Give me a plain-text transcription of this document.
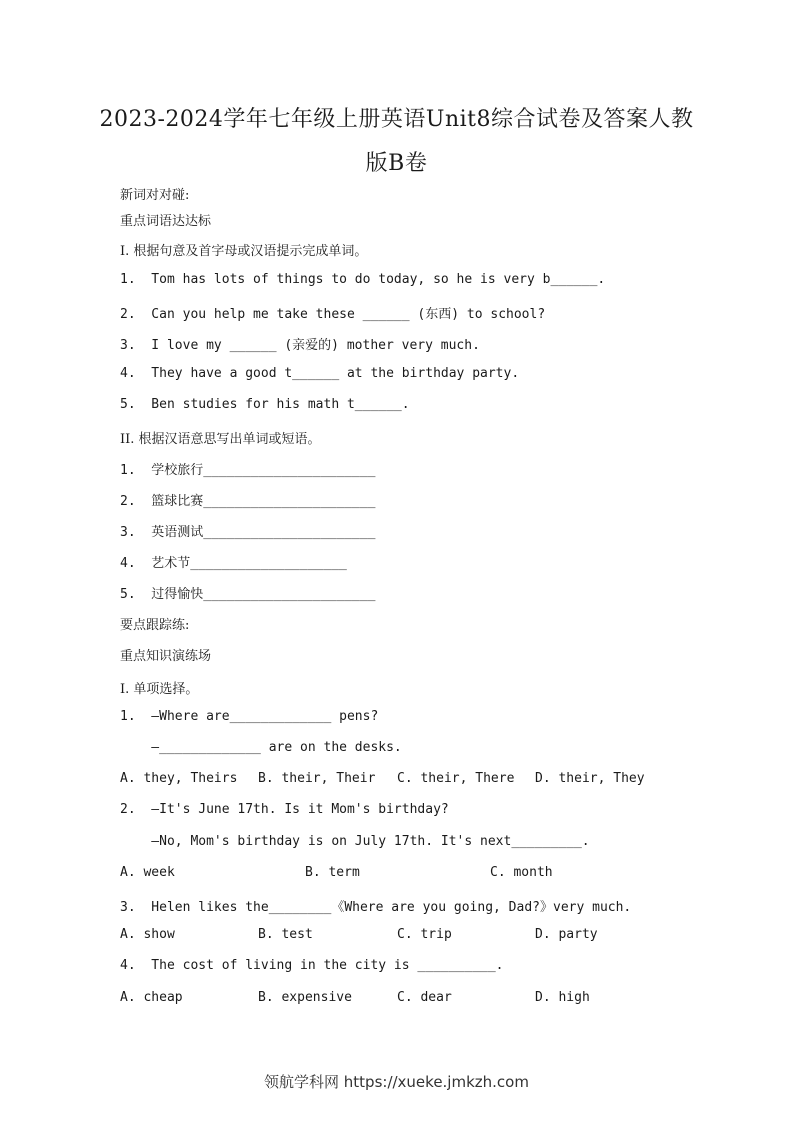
2023-2024学年七年级上册英语Unit8综合试卷及答案人教
版B卷
新词对对碰:
重点词语达达标
I. 根据句意及首字母或汉语提示完成单词。
1.  Tom has lots of things to do today, so he is very b______.
2.  Can you help me take these ______ (东西) to school?
3.  I love my ______ (亲爱的) mother very much.
4.  They have a good t______ at the birthday party.
5.  Ben studies for his math t______.
II. 根据汉语意思写出单词或短语。
1.  学校旅行______________________
2.  篮球比赛______________________
3.  英语测试______________________
4.  艺术节____________________
5.  过得愉快______________________
要点跟踪练:
重点知识演练场
I. 单项选择。
1.  —Where are_____________ pens?
—_____________ are on the desks.
A. they, Theirs B. their, Their C. their, There D. their, They
2.  —It's June 17th. Is it Mom's birthday?
—No, Mom's birthday is on July 17th. It's next_________.
A. week	B. term	C. month
3.  Helen likes the________《Where are you going, Dad?》very much.
A. show	B. test	C. trip	D. party
4.  The cost of living in the city is __________.
A. cheap	B. expensive	C. dear	D. high
领航学科网 https://xueke.jmkzh.com
